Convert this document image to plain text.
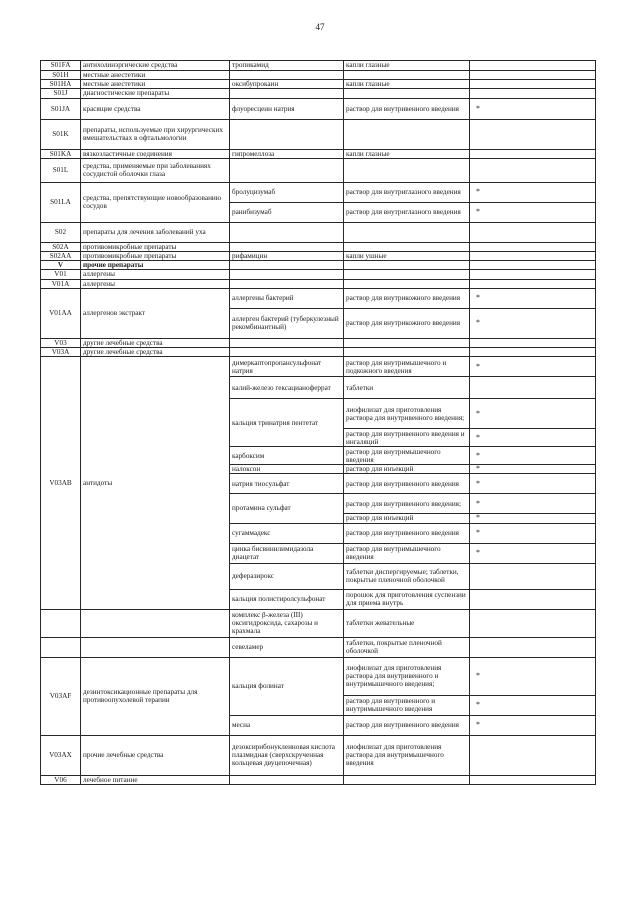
47
S01FA	антихолинэргические средства	тропикамид	капли глазные	
S01H	местные анестетики			
S01HA	местные анестетики	оксибупрокаин	капли глазные	
S01J	диагностические препараты			
S01JA	красящие средства	флуоресцеин натрия	раствор для внутривенного введения	*
S01K	препараты, используемые при хирургических вмешательствах в офтальмологии			
S01KA	вязкоэластичные соединения	гипромеллоза	капли глазные	
S01L	средства, применяемые при заболеваниях сосудистой оболочки глаза			
S01LA	средства, препятствующие новообразованию сосудов	бролуцизумаб	раствор для внутриглазного введения	*
		ранибизумаб	раствор для внутриглазного введения	*
S02	препараты для лечения заболеваний уха			
S02A	противомикробные препараты			
S02AA	противомикробные препараты	рифамицин	капли ушные	
V	прочие препараты			
V01	аллергены			
V01A	аллергены			
V01AA	аллергенов экстракт	аллергены бактерий	раствор для внутрикожного введения	*
		аллерген бактерий (туберкулезный рекомбинантный)	раствор для внутрикожного введения	*
V03	другие лечебные средства			
V03A	другие лечебные средства			
V03AB	антидоты	димеркаптопропансульфонат натрия	раствор для внутримышечного и подкожного введения	*
		калий-железо гексацианоферрат	таблетки	
		кальция тринатрия пентетат	лиофилизат для приготовления раствора для внутривенного введения;	*
			раствор для внутривенного введения и ингаляций	*
		карбоксим	раствор для внутримышечного введения	*
		налоксон	раствор для инъекций	*
		натрия тиосульфат	раствор для внутривенного введения	*
		протамина сульфат	раствор для внутривенного введения;	*
			раствор для инъекций	*
		сугаммадекс	раствор для внутривенного введения	*
		цинка бисвинилимидазола диацетат	раствор для внутримышечного введения	*
		деферазирокс	таблетки диспергируемые; таблетки, покрытые пленочной оболочкой	
		кальция полистиролсульфонат	порошок для приготовления суспензии для приема внутрь	
		комплекс β-железа (III) оксигидроксида, сахарозы и крахмала	таблетки жевательные	
		севеламер	таблетки, покрытые пленочной оболочкой	
V03AF	дезинтоксикационные препараты для противоопухолевой терапии	кальция фолинат	лиофилизат для приготовления раствора для внутривенного и внутримышечного введения;	*
			раствор для внутривенного и внутримышечного введения	*
		месна	раствор для внутривенного введения	*
V03AX	прочие лечебные средства	дезоксирибонуклеиновая кислота плазмидная (сверхскрученная кольцевая двуцепочечная)	лиофилизат для приготовления раствора для внутримышечного введения	
V06	лечебное питание			
